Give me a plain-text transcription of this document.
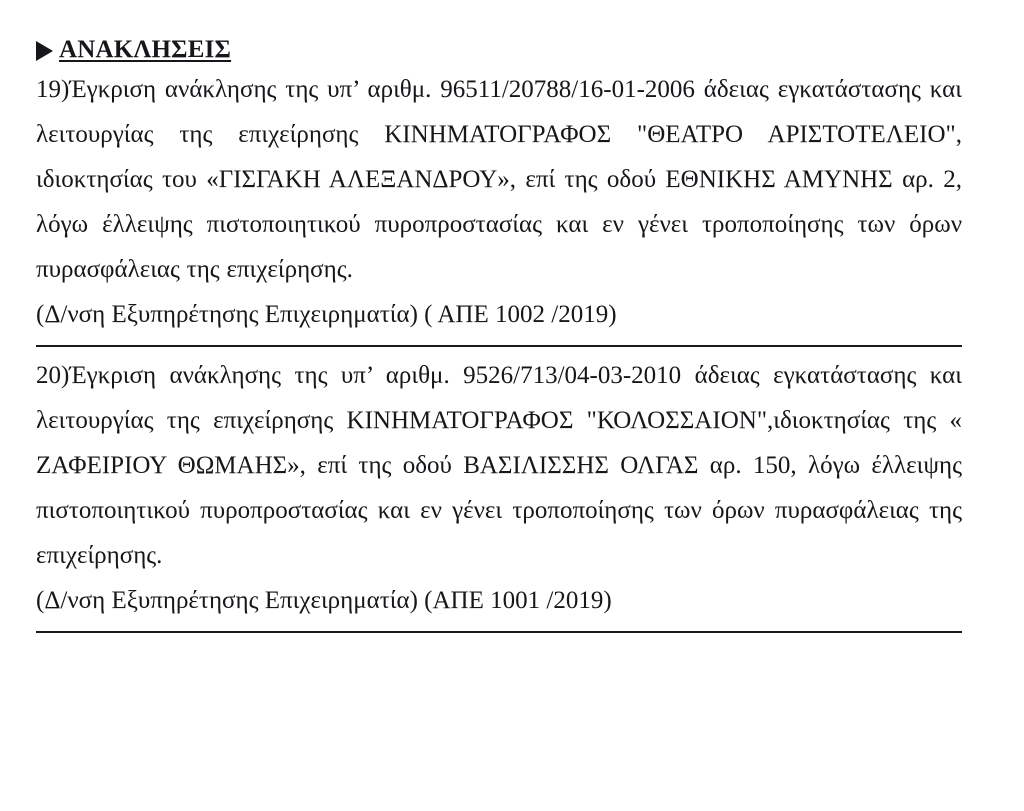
ΑΝΑΚΛΗΣΕΙΣ

19)Έγκριση ανάκλησης της υπ’ αριθμ. 96511/20788/16-01-2006 άδειας εγκατάστασης και λειτουργίας της επιχείρησης ΚΙΝΗΜΑΤΟΓΡΑΦΟΣ "ΘΕΑΤΡΟ ΑΡΙΣΤΟΤΕΛΕΙΟ", ιδιοκτησίας του «ΓΙΣΓΑΚΗ ΑΛΕΞΑΝΔΡΟΥ», επί της οδού ΕΘΝΙΚΗΣ ΑΜΥΝΗΣ αρ. 2, λόγω έλλειψης πιστοποιητικού πυροπροστασίας και εν γένει τροποποίησης των όρων πυρασφάλειας της επιχείρησης.

(Δ/νση Εξυπηρέτησης Επιχειρηματία) ( ΑΠΕ 1002 /2019)

20)Έγκριση ανάκλησης της υπ’ αριθμ. 9526/713/04-03-2010 άδειας εγκατάστασης και λειτουργίας της επιχείρησης ΚΙΝΗΜΑΤΟΓΡΑΦΟΣ "ΚΟΛΟΣΣΑΙΟΝ",ιδιοκτησίας της « ΖΑΦΕΙΡΙΟΥ ΘΩΜΑΗΣ», επί της οδού ΒΑΣΙΛΙΣΣΗΣ ΟΛΓΑΣ αρ. 150, λόγω έλλειψης πιστοποιητικού πυροπροστασίας και εν γένει τροποποίησης των όρων πυρασφάλειας της επιχείρησης.

(Δ/νση Εξυπηρέτησης Επιχειρηματία) (ΑΠΕ 1001 /2019)
